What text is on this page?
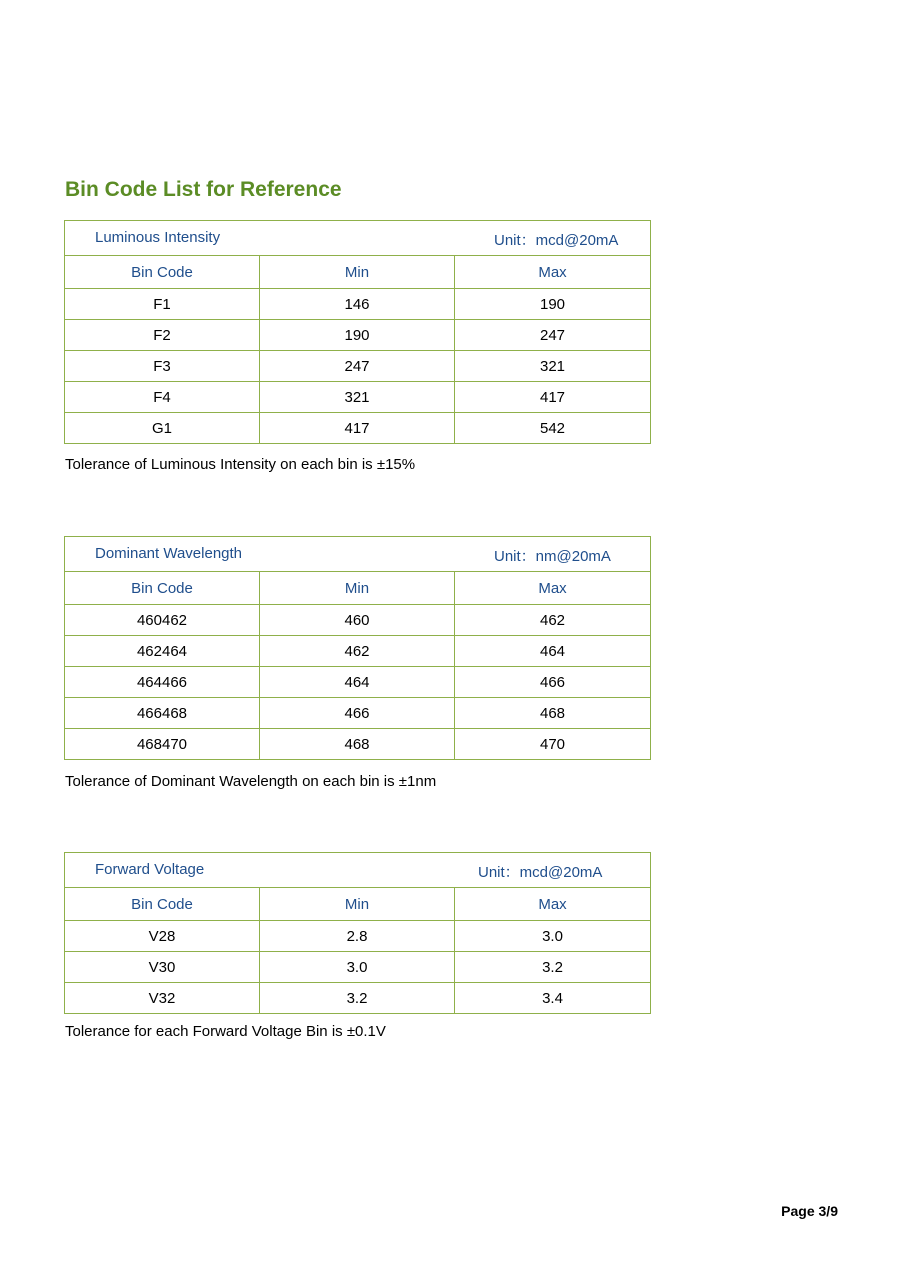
Bin Code List for Reference
Luminous Intensity Unit：mcd@20mA		

Bin Code	Min	Max
F1	146	190
F2	190	247
F3	247	321
F4	321	417
G1	417	542
Tolerance of Luminous Intensity on each bin is ±15%
Dominant Wavelength Unit：nm@20mA		

Bin Code	Min	Max
460462	460	462
462464	462	464
464466	464	466
466468	466	468
468470	468	470
Tolerance of Dominant Wavelength on each bin is ±1nm
Forward Voltage Unit：mcd@20mA		

Bin Code	Min	Max
V28	2.8	3.0
V30	3.0	3.2
V32	3.2	3.4
Tolerance for each Forward Voltage Bin is ±0.1V
Page 3/9
